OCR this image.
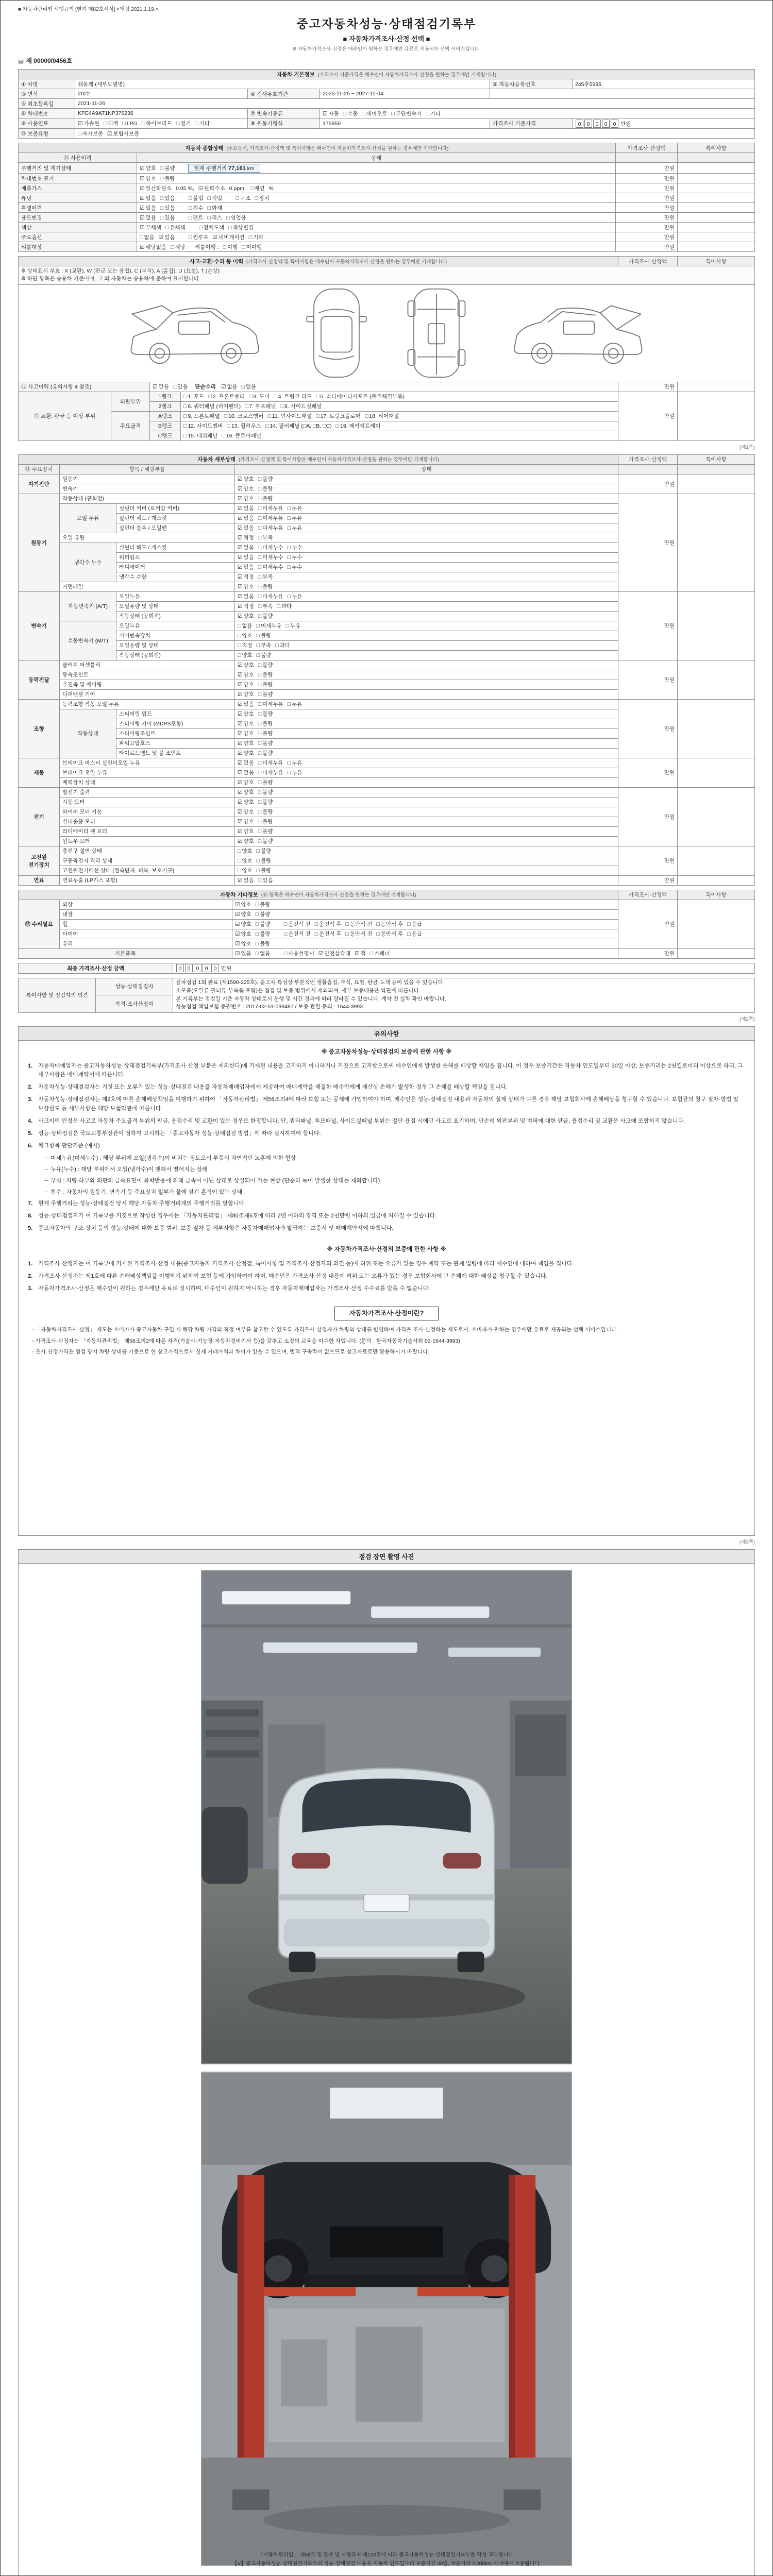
■ 자동차관리법 시행규칙 [별지 제82호서식] <개정 2021.1.19.>
중고자동차성능·상태점검기록부
■ 자동차가격조사·산정 선택 ■
※ 자동차가격조사·산정은 매수인이 원하는 경우에만 유료로 제공되는 선택 서비스입니다.
▤ 제 00000/0456호
자동차 기본정보 (가격조사 기준가격은 매수인이 자동차가격조사·산정을 원하는 경우에만 기재합니다)					
① 차명	쉐볼레 (세부모델명)			② 자동차등록번호	245후5995
③ 연식	2022	④ 검사유효기간	2025-11-25 ~ 2027-11-04		
⑤ 최초등록일	2021-11-26				
⑥ 차대번호	KPE4A9AT1NP376236	⑦ 변속기종류	☑ 자동 □ 수동 □ 세미오토 □ 무단변속기 □ 기타		
⑧ 사용연료	☑ 가솔린 □ 디젤 □ LPG □ 하이브리드 □ 전기 □ 기타	⑨ 원동기형식	175950	가격조사 기준가격	0 0 0 0 0 만원
⑩ 보증유형	□ 자가보증 ☑ 보험사보증				
자동차 종합상태 (주요옵션, 가격조사·산정액 및 특이사항은 매수인이 자동차가격조사·산정을 원하는 경우에만 기재합니다)		가격조사·산정액	특이사항
⑪ 사용이력	상태		
주행거리 및 계기상태	☑ 양호 □ 불량 현재 주행거리 77,161 km	만원	
차대번호 표기	☑ 양호 □ 불량	만원	
배출가스	☑ 일산화탄소 0.05 %, ☑ 탄화수소 0 ppm, □ 매연 %	만원	
튜닝	☑ 없음 □ 있음　 □ 불법 □ 적법　 □ 구조 □ 장치	만원	
특별이력	☑ 없음 □ 있음　 □ 침수 □ 화재	만원	
용도변경	☑ 없음 □ 있음　 □ 렌트 □ 리스 □ 영업용	만원	
색상	☑ 무채색 □ 유채색　 □ 전체도색 □ 색상변경	만원	
주요옵션	□ 없음 ☑ 있음　 □ 썬루프 ☑ 네비게이션 □ 기타	만원	
리콜대상	☑ 해당없음 □ 해당　리콜이행 : □ 이행 □ 미이행	만원	
사고·교환·수리 등 이력 (가격조사·산정액 및 특이사항은 매수인이 자동차가격조사·산정을 원하는 경우에만 기재합니다)				가격조사·산정액	특이사항

※ 상태표시 부호 : X (교환), W (판금 또는 용접), C (부식), A (흠집), U (요철), T (손상)
※ 하단 항목은 승용차 기준이며, 그 외 자동차는 승용차에 준하여 표시합니다.					

⑫ 사고이력 (유의사항 4 참조)		☑ 없음 □ 있음 단순수리 ☑ 없음 □ 있음		만원	
⑬ 교환, 판금 등 이상 부위	외판부위	1랭크	□ 1. 후드 □ 2. 프론트펜더 □ 3. 도어 □ 4. 트렁크 리드 □ 5. 라디에이터서포트 (볼트체결부품)	만원	
		2랭크	□ 6. 쿼터패널 (리어펜더) □ 7. 루프패널 □ 8. 사이드실패널		
	주요골격	A랭크	□ 9. 프론트패널 □ 10. 크로스멤버 □ 11. 인사이드패널 □ 17. 트렁크플로어 □ 18. 리어패널		
		B랭크	□ 12. 사이드멤버 □ 13. 휠하우스 □ 14. 필러패널 (□A, □B, □C) □ 19. 패키지트레이		
		C랭크	□ 15. 대쉬패널 □ 16. 플로어패널		
(제1쪽)
자동차 세부상태 (가격조사·산정액 및 특이사항은 매수인이 자동차가격조사·산정을 원하는 경우에만 기재합니다)				가격조사·산정액	특이사항
⑭ 주요장치	항목 / 해당부품		상태		
자기진단	원동기		☑ 양호 □ 불량	만원	
	변속기		☑ 양호 □ 불량		
원동기	작동상태 (공회전)		☑ 양호 □ 불량	만원	
	오일 누유	실린더 커버 (로커암 커버)	☑ 없음 □ 미세누유 □ 누유		
		실린더 헤드 / 개스킷	☑ 없음 □ 미세누유 □ 누유		
		실린더 블록 / 오일팬	☑ 없음 □ 미세누유 □ 누유		
	오일 유량		☑ 적정 □ 부족		
	냉각수 누수	실린더 헤드 / 개스킷	☑ 없음 □ 미세누수 □ 누수		
		워터펌프	☑ 없음 □ 미세누수 □ 누수		
		라디에이터	☑ 없음 □ 미세누수 □ 누수		
		냉각수 수량	☑ 적정 □ 부족		
	커먼레일		☑ 양호 □ 불량		
변속기	자동변속기 (A/T)	오일누유	☑ 없음 □ 미세누유 □ 누유	만원	
		오일유량 및 상태	☑ 적정 □ 부족 □ 과다		
		작동상태 (공회전)	☑ 양호 □ 불량		
	수동변속기 (M/T)	오일누유	□ 없음 □ 미세누유 □ 누유		
		기어변속장치	□ 양호 □ 불량		
		오일유량 및 상태	□ 적정 □ 부족 □ 과다		
		작동상태 (공회전)	□ 양호 □ 불량		
동력전달	클러치 어셈블리		☑ 양호 □ 불량	만원	
	등속조인트		☑ 양호 □ 불량		
	추진축 및 베어링		☑ 양호 □ 불량		
	디퍼렌셜 기어		☑ 양호 □ 불량		
조향	동력조향 작동 오일 누유		☑ 없음 □ 미세누유 □ 누유	만원	
	작동상태	스티어링 펌프	☑ 양호 □ 불량		
		스티어링 기어 (MDPS포함)	☑ 양호 □ 불량		
		스티어링조인트	☑ 양호 □ 불량		
		파워고압호스	☑ 양호 □ 불량		
		타이로드엔드 및 볼 조인트	☑ 양호 □ 불량		
제동	브레이크 마스터 실린더오일 누유		☑ 없음 □ 미세누유 □ 누유	만원	
	브레이크 오일 누유		☑ 없음 □ 미세누유 □ 누유		
	배력장치 상태		☑ 양호 □ 불량		
전기	발전기 출력		☑ 양호 □ 불량	만원	
	시동 모터		☑ 양호 □ 불량		
	와이퍼 모터 기능		☑ 양호 □ 불량		
	실내송풍 모터		☑ 양호 □ 불량		
	라디에이터 팬 모터		☑ 양호 □ 불량		
	윈도우 모터		☑ 양호 □ 불량		
고전원 전기장치	충전구 절연 상태		□ 양호 □ 불량	만원	
	구동축전지 격리 상태		□ 양호 □ 불량		
	고전원전기배선 상태 (접속단자, 피복, 보호기구)		□ 양호 □ 불량		
연료	연료누출 (LP가스 포함)		☑ 없음 □ 있음	만원	
자동차 기타정보 (⑮ 항목은 매수인이 자동차가격조사·산정을 원하는 경우에만 기재합니다)			가격조사·산정액	특이사항
⑮ 수리필요	외장	☑ 양호 □ 불량	만원	
	내장	☑ 양호 □ 불량		
	휠	☑ 양호 □ 불량　 □ 운전석 전 □ 운전석 후 □ 동반석 전 □ 동반석 후 □ 응급		
	타이어	☑ 양호 □ 불량　 □ 운전석 전 □ 운전석 후 □ 동반석 전 □ 동반석 후 □ 응급		
	유리	☑ 양호 □ 불량		
기본품목		☑ 있음 □ 없음　 □ 사용설명서 ☑ 안전삼각대 ☑ 잭 □ 스패너	만원	
최종 가격조사·산정 금액	0 0 0 0 0 만원
특이사항 및 점검자의 의견	성능·상태점검자	
실차점검 1회 완료 (제1590-225호). 중고차 특성상 부분적인 생활흠집, 부식, 요철, 판금·도색 등이 있을 수 있습니다.
소모품(오일류·필터류·부속품 포함)은 점검 및 보증 범위에서 제외되며, 세부 보증내용은 약관에 따릅니다.
본 기록부는 점검일 기준 자동차 상태로서 운행 및 시간 경과에 따라 달라질 수 있습니다. 계약 전 실차 확인 바랍니다.
성능점검 책임보험 증권번호 : 2017-02-51-099487 / 보증 관련 문의 : 1644-3993

가격·조사산정자
(제2쪽)
유의사항
※ 중고자동차성능·상태점검의 보증에 관한 사항 ※
1. 자동차매매업자는 중고자동차성능·상태점검기록부(가격조사·산정 부분은 제외한다)에 기재된 내용을 고지하지 아니하거나 거짓으로 고지함으로써 매수인에게 발생한 손해를 배상할 책임을 집니다. 이 경우 보증기간은 자동차 인도일부터 30일 이상, 보증거리는 2천킬로미터 이상으로 하되, 그 세부사항은 매매계약서에 따릅니다.
2. 자동차성능·상태점검자는 거짓 또는 오류가 있는 성능·상태점검 내용을 자동차매매업자에게 제공하여 매매계약을 체결한 매수인에게 재산상 손해가 발생한 경우 그 손해를 배상할 책임을 집니다.
3. 자동차성능·상태점검자는 제2호에 따른 손해배상책임을 이행하기 위하여 「자동차관리법」 제58조의4에 따라 보험 또는 공제에 가입하여야 하며, 매수인은 성능·상태점검 내용과 자동차의 실제 상태가 다른 경우 해당 보험회사에 손해배상을 청구할 수 있습니다. 보험금의 청구 절차·방법 및 보상한도 등 세부사항은 해당 보험약관에 따릅니다.
4. 사고이력 인정은 사고로 자동차 주요골격 부위의 판금, 용접수리 및 교환이 있는 경우로 한정합니다. 단, 쿼터패널, 루프패널, 사이드실패널 부위는 절단·용접 시에만 사고로 표기하며, 단순히 외판부위 및 범퍼에 대한 판금, 용접수리 및 교환은 사고에 포함하지 않습니다.
5. 성능·상태점검은 국토교통부장관이 정하여 고시하는 「중고자동차 성능·상태점검 방법」에 따라 실시하여야 합니다.
6. 체크항목 판단기준 (예시)
－ 미세누유(미세누수) : 해당 부위에 오일(냉각수)이 비치는 정도로서 부품의 자연적인 노후에 의한 현상
－ 누유(누수) : 해당 부위에서 오일(냉각수)이 맺혀서 떨어지는 상태
－ 부식 : 차량 하부와 외판의 금속표면이 화학반응에 의해 금속이 아닌 상태로 상실되어 가는 현상 (단순히 녹이 발생한 상태는 제외합니다)
－ 침수 : 자동차의 원동기, 변속기 등 주요장치 일부가 물에 잠긴 흔적이 있는 상태
7. 현재 주행거리는 성능·상태점검 당시 해당 자동차 주행거리계의 주행거리를 말합니다.
8. 성능·상태점검자가 이 기록부를 거짓으로 작성한 경우에는 「자동차관리법」 제80조제6호에 따라 2년 이하의 징역 또는 2천만원 이하의 벌금에 처해질 수 있습니다.
9. 중고자동차의 구조·장치 등의 성능·상태에 대한 보증 범위, 보증 절차 등 세부사항은 자동차매매업자가 발급하는 보증서 및 매매계약서에 따릅니다.
※ 자동차가격조사·산정의 보증에 관한 사항 ※
1. 가격조사·산정자는 이 기록부에 기재된 가격조사·산정 내용(중고자동차 가격조사·산정값, 특이사항 및 가격조사·산정자의 의견 등)에 허위 또는 오류가 있는 경우 계약 또는 관계 법령에 따라 매수인에 대하여 책임을 집니다.
2. 가격조사·산정자는 제1호에 따른 손해배상책임을 이행하기 위하여 보험 등에 가입하여야 하며, 매수인은 가격조사·산정 내용에 허위 또는 오류가 있는 경우 보험회사에 그 손해에 대한 배상을 청구할 수 있습니다.
3. 자동차가격조사·산정은 매수인이 원하는 경우에만 유료로 실시하며, 매수인이 원하지 아니하는 경우 자동차매매업자는 가격조사·산정 수수료를 받을 수 없습니다.
자동차가격조사·산정이란?
◦ 「자동차가격조사·산정」 제도는 소비자가 중고자동차 구입 시 해당 차량 가격의 적정 여부를 참고할 수 있도록 가격조사·산정자가 차량의 상태를 반영하여 가격을 조사·산정하는 제도로서, 소비자가 원하는 경우에만 유료로 제공되는 선택 서비스입니다.
◦ 가격조사·산정자는 「자동차관리법」 제58조의2에 따른 자격(기술사·기능장·자동차정비기사 등)을 갖추고 소정의 교육을 이수한 자입니다. (문의 : 한국자동차기술사회 02-1644-3993)
◦ 조사·산정가격은 점검 당시 차량 상태를 기준으로 한 참고가격으로서 실제 거래가격과 차이가 있을 수 있으며, 법적 구속력이 없으므로 참고자료로만 활용하시기 바랍니다.
(제3쪽)
점검 장면 촬영 사진
「자동차관리법」 제58조 및 같은 법 시행규칙 제120조에 따라 중고자동차성능·상태점검기록부를 작성·교부합니다.
【Ⅴ】중고자동차성능·상태점검기록부의 성능·상태점검 내용은 자동차 인도일부터 보증기간 30일, 보증거리 2,000km 이내에서 보증됩니다.
